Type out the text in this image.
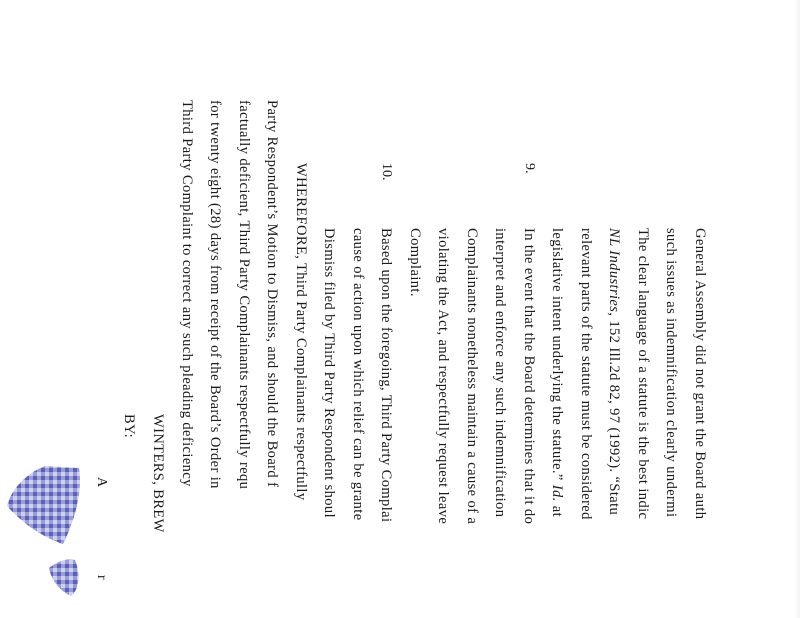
General Assembly did not grant the Board auth
such issues as indemnification clearly undermi
The clear language of a statute is the best indic
NL Industries, 152 Ill.2d 82, 97 (1992). “Statu
relevant parts of the statute must be considered
legislative intent underlying the statute.” Id. at
9.
In the event that the Board determines that it do
interpret and enforce any such indemnification
Complainants nonetheless maintain a cause of a
violating the Act, and respectfully request leave
Complaint.
10.
Based upon the foregoing, Third Party Complai
cause of action upon which relief can be grante
Dismiss filed by Third Party Respondent shoul
WHEREFORE, Third Party Complainants respectfully
Party Respondent’s Motion to Dismiss, and should the Board f
factually deficient, Third Party Complainants respectfully requ
for twenty eight (28) days from receipt of the Board’s Order in
Third Party Complaint to correct any such pleading deficiency
WINTERS, BREW
BY:
A
r
